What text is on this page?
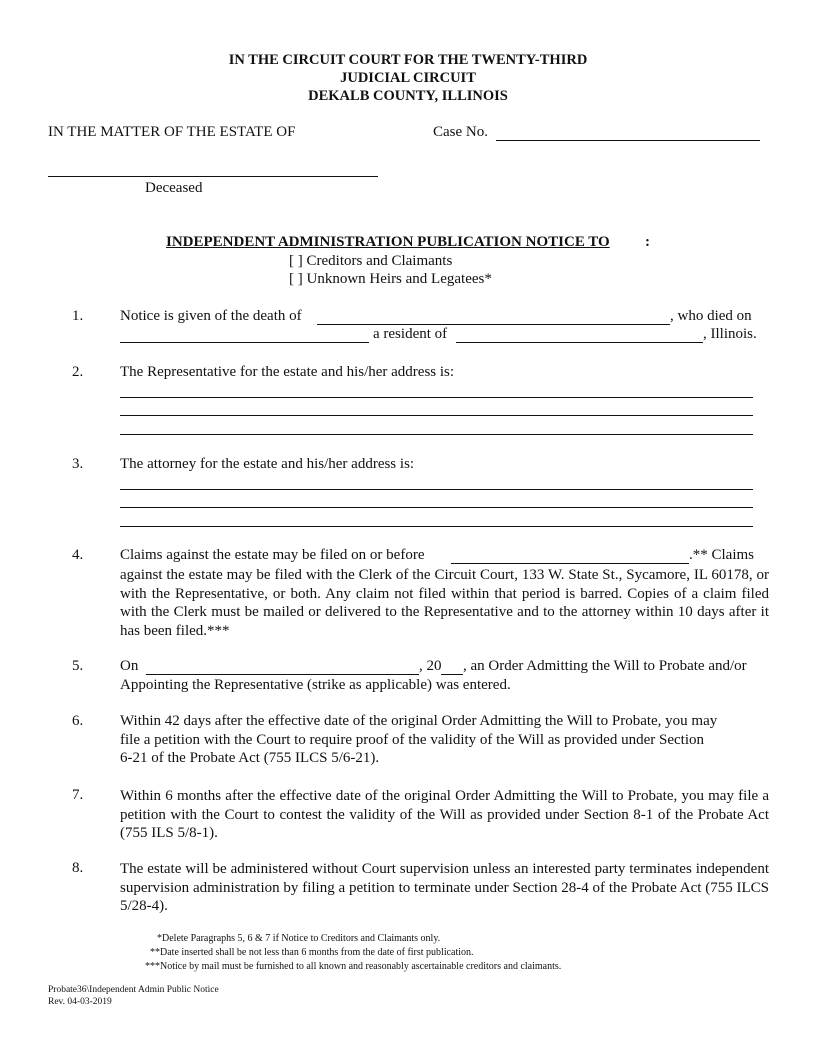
IN THE CIRCUIT COURT FOR THE TWENTY-THIRD
JUDICIAL CIRCUIT
DEKALB COUNTY, ILLINOIS
IN THE MATTER OF THE ESTATE OF	Case No.
Deceased
INDEPENDENT ADMINISTRATION PUBLICATION NOTICE TO :
[ ] Creditors and Claimants
[ ] Unknown Heirs and Legatees*
1. Notice is given of the death of	, who died on
a resident of	, Illinois.
2. The Representative for the estate and his/her address is:
3. The attorney for the estate and his/her address is:
4. Claims against the estate may be filed on or before	.** Claims
against the estate may be filed with the Clerk of the Circuit Court, 133 W. State St., Sycamore, IL 60178, or with the Representative, or both. Any claim not filed within that period is barred. Copies of a claim filed with the Clerk must be mailed or delivered to the Representative and to the attorney within 10 days after it has been filed.***
5. On	, 20 , an Order Admitting the Will to Probate and/or
Appointing the Representative (strike as applicable) was entered.
6. Within 42 days after the effective date of the original Order Admitting the Will to Probate, you may
file a petition with the Court to require proof of the validity of the Will as provided under Section
6-21 of the Probate Act (755 ILCS 5/6-21).
7. Within 6 months after the effective date of the original Order Admitting the Will to Probate, you may file a petition with the Court to contest the validity of the Will as provided under Section 8-1 of the Probate Act (755 ILS 5/8-1).
8. The estate will be administered without Court supervision unless an interested party terminates independent supervision administration by filing a petition to terminate under Section 28-4 of the Probate Act (755 ILCS 5/28-4).
*Delete Paragraphs 5, 6 & 7 if Notice to Creditors and Claimants only.
**Date inserted shall be not less than 6 months from the date of first publication.
***Notice by mail must be furnished to all known and reasonably ascertainable creditors and claimants.
Probate36\Independent Admin Public Notice
Rev. 04-03-2019
